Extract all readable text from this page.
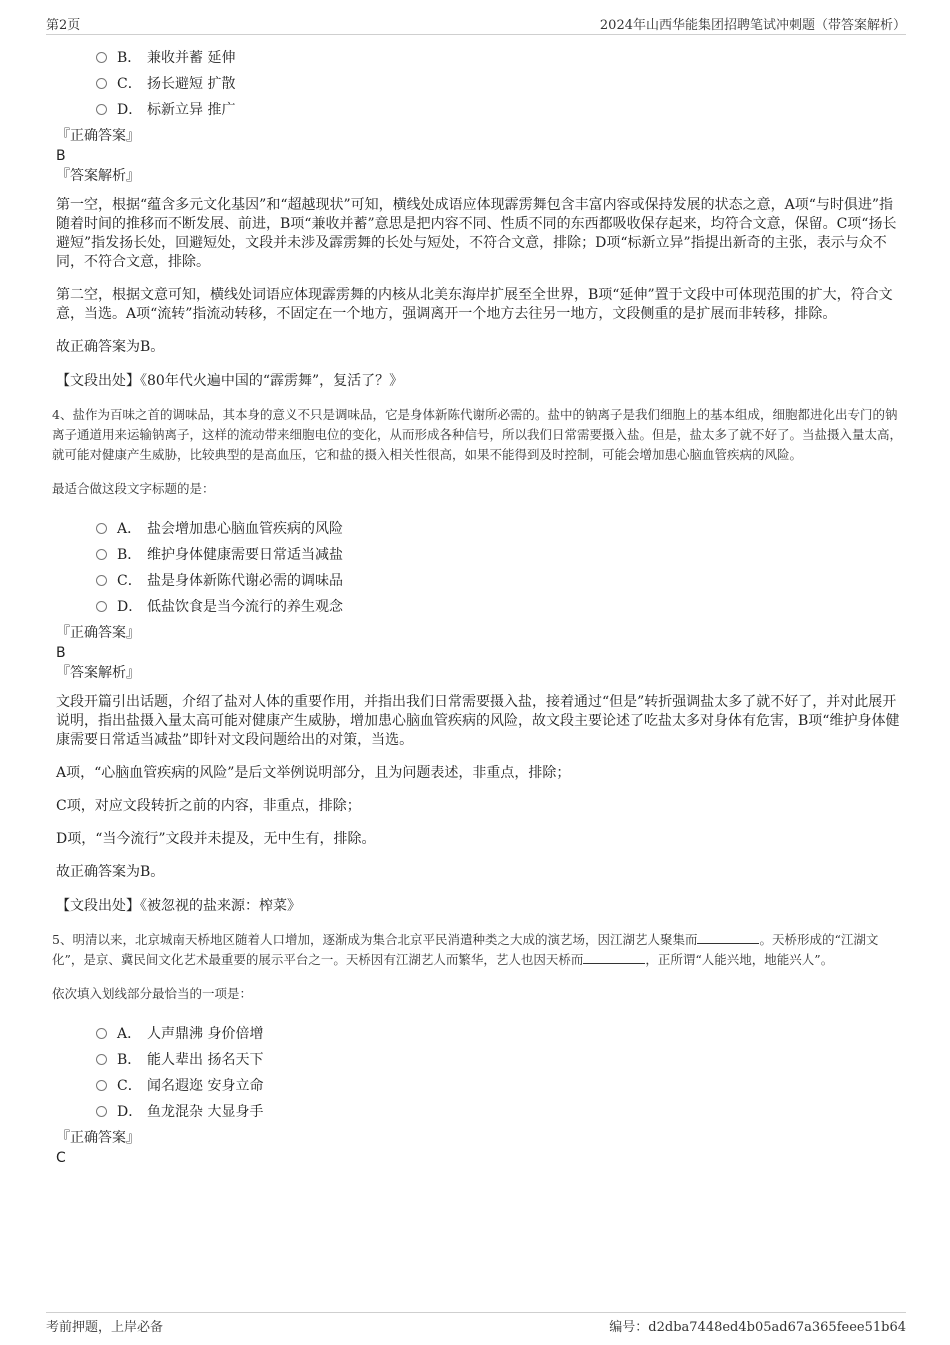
第2页	2024年山西华能集团招聘笔试冲刺题（带答案解析）
B． 兼收并蓄 延伸
C． 扬长避短 扩散
D． 标新立异 推广
『正确答案』
B
『答案解析』
第一空，根据“蕴含多元文化基因”和“超越现状”可知，横线处成语应体现霹雳舞包含丰富内容或保持发展的状态之意，A项“与时俱进”指随着时间的推移而不断发展、前进，B项“兼收并蓄”意思是把内容不同、性质不同的东西都吸收保存起来，均符合文意，保留。C项“扬长避短”指发扬长处，回避短处，文段并未涉及霹雳舞的长处与短处，不符合文意，排除；D项“标新立异”指提出新奇的主张，表示与众不同，不符合文意，排除。
第二空，根据文意可知，横线处词语应体现霹雳舞的内核从北美东海岸扩展至全世界，B项“延伸”置于文段中可体现范围的扩大，符合文意，当选。A项“流转”指流动转移，不固定在一个地方，强调离开一个地方去往另一地方，文段侧重的是扩展而非转移，排除。
故正确答案为B。
【文段出处】《80年代火遍中国的“霹雳舞”，复活了？》
4、盐作为百味之首的调味品，其本身的意义不只是调味品，它是身体新陈代谢所必需的。盐中的钠离子是我们细胞上的基本组成，细胞都进化出专门的钠离子通道用来运输钠离子，这样的流动带来细胞电位的变化，从而形成各种信号，所以我们日常需要摄入盐。但是，盐太多了就不好了。当盐摄入量太高，就可能对健康产生威胁，比较典型的是高血压，它和盐的摄入相关性很高，如果不能得到及时控制，可能会增加患心脑血管疾病的风险。
最适合做这段文字标题的是：
A． 盐会增加患心脑血管疾病的风险
B． 维护身体健康需要日常适当减盐
C． 盐是身体新陈代谢必需的调味品
D． 低盐饮食是当今流行的养生观念
『正确答案』
B
『答案解析』
文段开篇引出话题，介绍了盐对人体的重要作用，并指出我们日常需要摄入盐，接着通过“但是”转折强调盐太多了就不好了，并对此展开说明，指出盐摄入量太高可能对健康产生威胁，增加患心脑血管疾病的风险，故文段主要论述了吃盐太多对身体有危害，B项“维护身体健康需要日常适当减盐”即针对文段问题给出的对策，当选。
A项，“心脑血管疾病的风险”是后文举例说明部分，且为问题表述，非重点，排除；
C项，对应文段转折之前的内容，非重点，排除；
D项，“当今流行”文段并未提及，无中生有，排除。
故正确答案为B。
【文段出处】《被忽视的盐来源：榨菜》
5、明清以来，北京城南天桥地区随着人口增加，逐渐成为集合北京平民消遣种类之大成的演艺场，因江湖艺人聚集而	。天桥形成的“江湖文化”，是京、冀民间文化艺术最重要的展示平台之一。天桥因有江湖艺人而繁华，艺人也因天桥而	，正所谓“人能兴地，地能兴人”。
依次填入划线部分最恰当的一项是：
A． 人声鼎沸 身价倍增
B． 能人辈出 扬名天下
C． 闻名遐迩 安身立命
D． 鱼龙混杂 大显身手
『正确答案』
C
考前押题，上岸必备	编号：d2dba7448ed4b05ad67a365feee51b64
